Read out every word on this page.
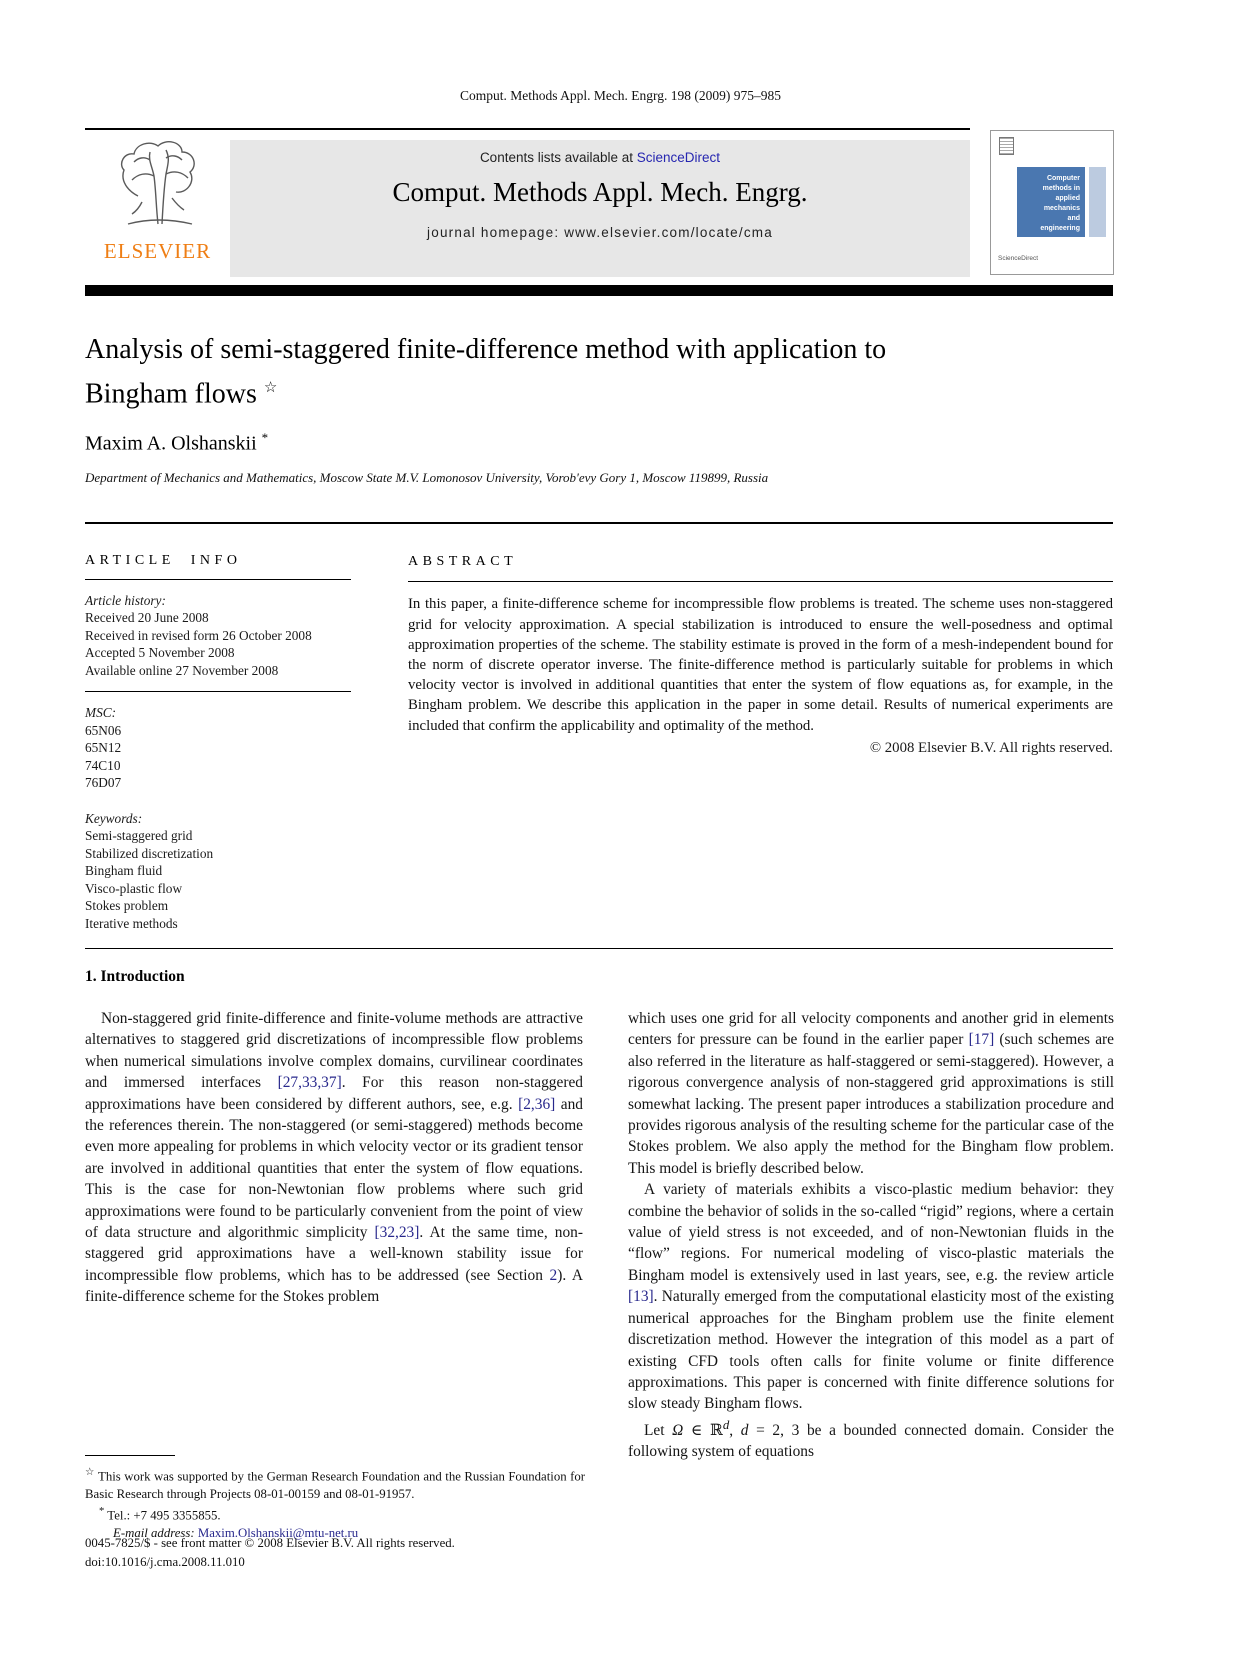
Comput. Methods Appl. Mech. Engrg. 198 (2009) 975–985
ELSEVIER
Contents lists available at ScienceDirect
Comput. Methods Appl. Mech. Engrg.
journal homepage: www.elsevier.com/locate/cma
Computer
methods in
applied
mechanics
and
engineering
ScienceDirect
Analysis of semi-staggered finite-difference method with application to Bingham flows ☆
Maxim A. Olshanskii *
Department of Mechanics and Mathematics, Moscow State M.V. Lomonosov University, Vorob'evy Gory 1, Moscow 119899, Russia
ARTICLE INFO
Article history:
Received 20 June 2008
Received in revised form 26 October 2008
Accepted 5 November 2008
Available online 27 November 2008
MSC:
65N06
65N12
74C10
76D07
Keywords:
Semi-staggered grid
Stabilized discretization
Bingham fluid
Visco-plastic flow
Stokes problem
Iterative methods
ABSTRACT
In this paper, a finite-difference scheme for incompressible flow problems is treated. The scheme uses non-staggered grid for velocity approximation. A special stabilization is introduced to ensure the well-posedness and optimal approximation properties of the scheme. The stability estimate is proved in the form of a mesh-independent bound for the norm of discrete operator inverse. The finite-difference method is particularly suitable for problems in which velocity vector is involved in additional quantities that enter the system of flow equations as, for example, in the Bingham problem. We describe this application in the paper in some detail. Results of numerical experiments are included that confirm the applicability and optimality of the method.
© 2008 Elsevier B.V. All rights reserved.
1. Introduction

Non-staggered grid finite-difference and finite-volume methods are attractive alternatives to staggered grid discretizations of incompressible flow problems when numerical simulations involve complex domains, curvilinear coordinates and immersed interfaces [27,33,37]. For this reason non-staggered approximations have been considered by different authors, see, e.g. [2,36] and the references therein. The non-staggered (or semi-staggered) methods become even more appealing for problems in which velocity vector or its gradient tensor are involved in additional quantities that enter the system of flow equations. This is the case for non-Newtonian flow problems where such grid approximations were found to be particularly convenient from the point of view of data structure and algorithmic simplicity [32,23]. At the same time, non-staggered grid approximations have a well-known stability issue for incompressible flow problems, which has to be addressed (see Section 2). A finite-difference scheme for the Stokes problem

which uses one grid for all velocity components and another grid in elements centers for pressure can be found in the earlier paper [17] (such schemes are also referred in the literature as half-staggered or semi-staggered). However, a rigorous convergence analysis of non-staggered grid approximations is still somewhat lacking. The present paper introduces a stabilization procedure and provides rigorous analysis of the resulting scheme for the particular case of the Stokes problem. We also apply the method for the Bingham flow problem. This model is briefly described below.

A variety of materials exhibits a visco-plastic medium behavior: they combine the behavior of solids in the so-called “rigid” regions, where a certain value of yield stress is not exceeded, and of non-Newtonian fluids in the “flow” regions. For numerical modeling of visco-plastic materials the Bingham model is extensively used in last years, see, e.g. the review article [13]. Naturally emerged from the computational elasticity most of the existing numerical approaches for the Bingham problem use the finite element discretization method. However the integration of this model as a part of existing CFD tools often calls for finite volume or finite difference approximations. This paper is concerned with finite difference solutions for slow steady Bingham flows.

Let Ω ∈ ℝ$^d$, d = 2, 3 be a bounded connected domain. Consider the following system of equations

☆ This work was supported by the German Research Foundation and the Russian Foundation for Basic Research through Projects 08-01-00159 and 08-01-91957.
* Tel.: +7 495 3355855.
E-mail address: Maxim.Olshanskii@mtu-net.ru
0045-7825/$ - see front matter © 2008 Elsevier B.V. All rights reserved.
doi:10.1016/j.cma.2008.11.010
